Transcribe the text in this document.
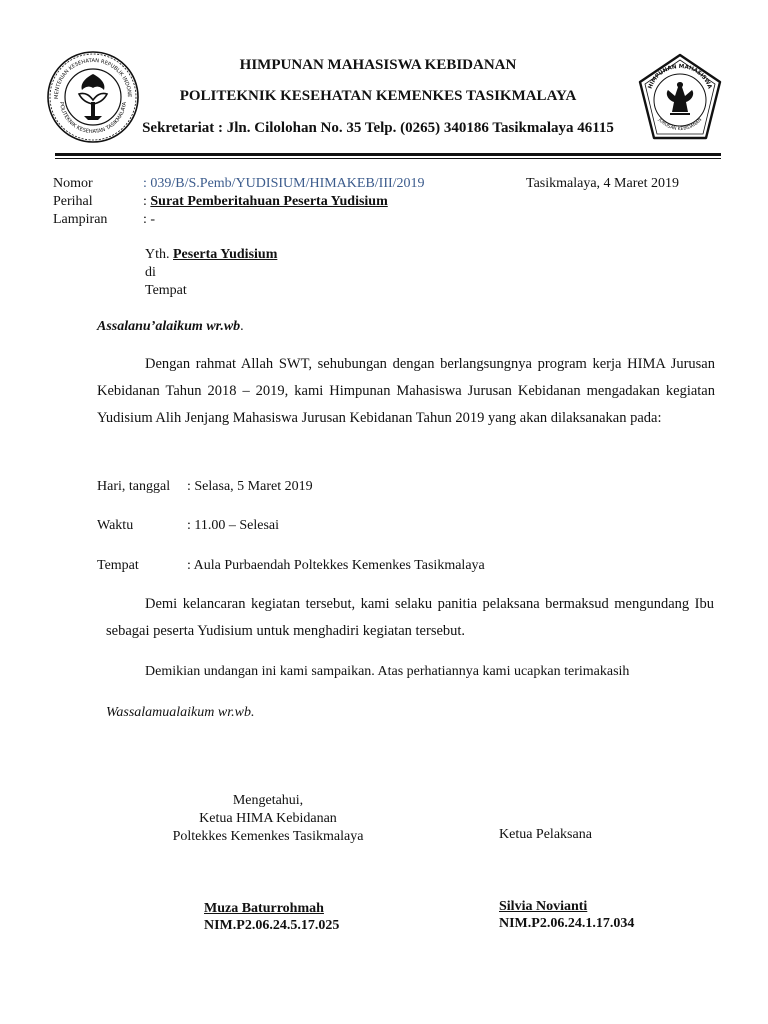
MENTERIAN KESEHATAN REPUBLIK INDONE
POLITEKNIK KESEHATAN TASIKMALAYA
HIMPUNAN MAHASISWA
JURUSAN KEBIDANAN
HIMPUNAN MAHASISWA KEBIDANAN
POLITEKNIK KESEHATAN KEMENKES TASIKMALAYA
Sekretariat : Jln. Cilolohan No. 35 Telp. (0265) 340186 Tasikmalaya 46115
Nomor	: 039/B/S.Pemb/YUDISIUM/HIMAKEB/III/2019	Tasikmalaya, 4 Maret 2019
Perihal	: Surat Pemberitahuan Peserta Yudisium
Lampiran	: -
Yth. Peserta Yudisium
di
Tempat
Assalanu’alaikum wr.wb.
Dengan rahmat Allah SWT, sehubungan dengan berlangsungnya program kerja HIMA Jurusan Kebidanan Tahun 2018 – 2019, kami Himpunan Mahasiswa Jurusan Kebidanan mengadakan kegiatan Yudisium Alih Jenjang Mahasiswa Jurusan Kebidanan Tahun 2019 yang akan dilaksanakan pada:
Hari, tanggal : Selasa, 5 Maret 2019
Waktu	: 11.00 – Selesai
Tempat	: Aula Purbaendah Poltekkes Kemenkes Tasikmalaya
Demi kelancaran kegiatan tersebut, kami selaku panitia pelaksana bermaksud mengundang Ibu sebagai peserta Yudisium untuk menghadiri kegiatan tersebut.
Demikian undangan ini kami sampaikan. Atas perhatiannya kami ucapkan terimakasih
Wassalamualaikum wr.wb.
Mengetahui,
Ketua HIMA Kebidanan
Poltekkes Kemenkes Tasikmalaya	Ketua Pelaksana
Muza Baturrohmah
NIM.P2.06.24.5.17.025
Silvia Novianti
NIM.P2.06.24.1.17.034
